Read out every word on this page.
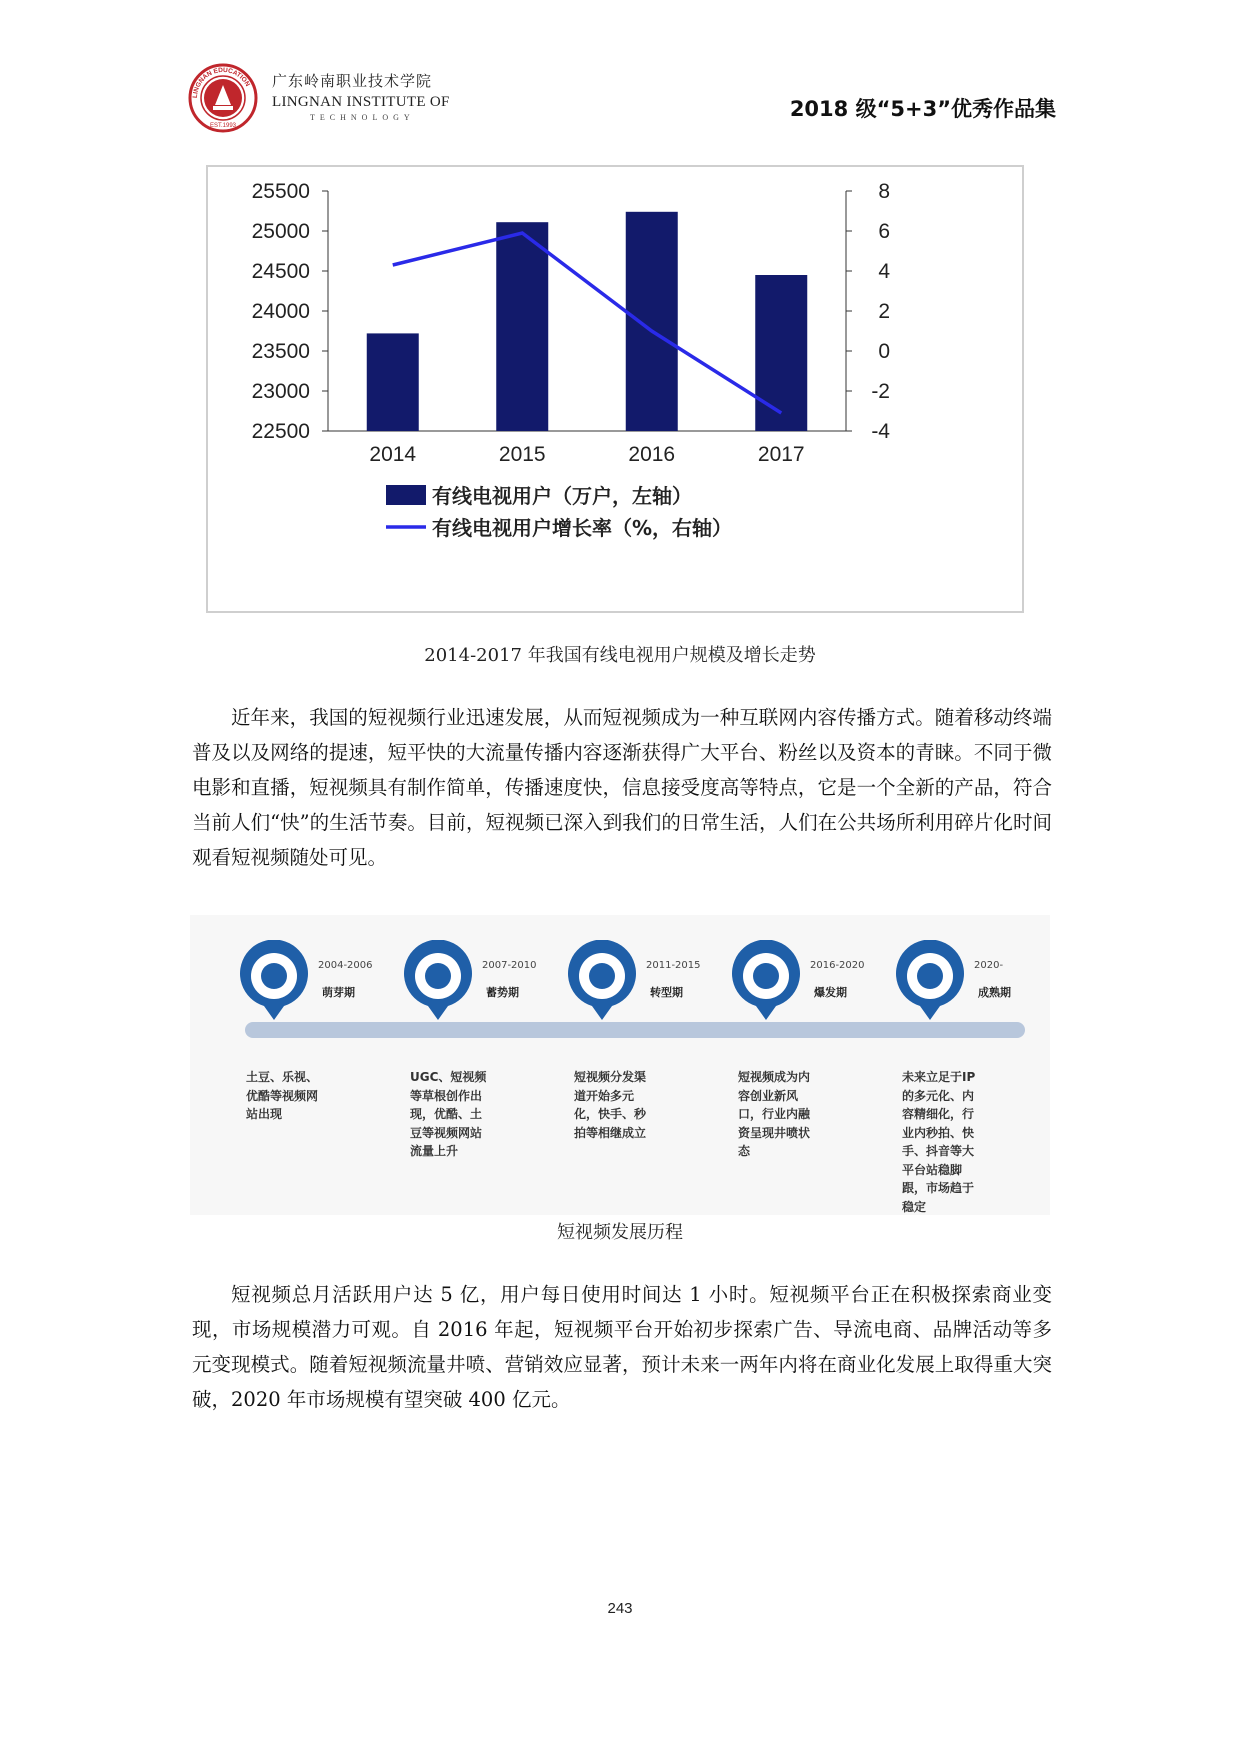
LINGNAN EDUCATION
EST.1993
广东岭南职业技术学院
LINGNAN INSTITUTE OF
TECHNOLOGY	2018 级“5+3”优秀作品集
25500
25000
24500
24000
23500
23000
22500
8
6
4
2
0
-2
-4
2014	2015	2016	2017
有线电视用户（万户，左轴）
有线电视用户增长率（%，右轴）
2014-2017 年我国有线电视用户规模及增长走势
近年来，我国的短视频行业迅速发展，从而短视频成为一种互联网内容传播方式。随着移动终端普及以及网络的提速，短平快的大流量传播内容逐渐获得广大平台、粉丝以及资本的青睐。不同于微电影和直播，短视频具有制作简单，传播速度快，信息接受度高等特点，它是一个全新的产品，符合当前人们“快”的生活节奏。目前，短视频已深入到我们的日常生活，人们在公共场所利用碎片化时间观看短视频随处可见。
2004-2006
萌芽期
土豆、乐视、优酷等视频网站出现
2007-2010
蓄势期
UGC、短视频等草根创作出现，优酷、土豆等视频网站流量上升
2011-2015
转型期
短视频分发渠道开始多元化，快手、秒拍等相继成立
2016-2020
爆发期
短视频成为内容创业新风口，行业内融资呈现井喷状态
2020-
成熟期
未来立足于IP的多元化、内容精细化，行业内秒拍、快手、抖音等大平台站稳脚跟，市场趋于稳定
短视频发展历程
短视频总月活跃用户达 5 亿，用户每日使用时间达 1 小时。短视频平台正在积极探索商业变现，市场规模潜力可观。自 2016 年起，短视频平台开始初步探索广告、导流电商、品牌活动等多元变现模式。随着短视频流量井喷、营销效应显著，预计未来一两年内将在商业化发展上取得重大突破，2020 年市场规模有望突破 400 亿元。
243
